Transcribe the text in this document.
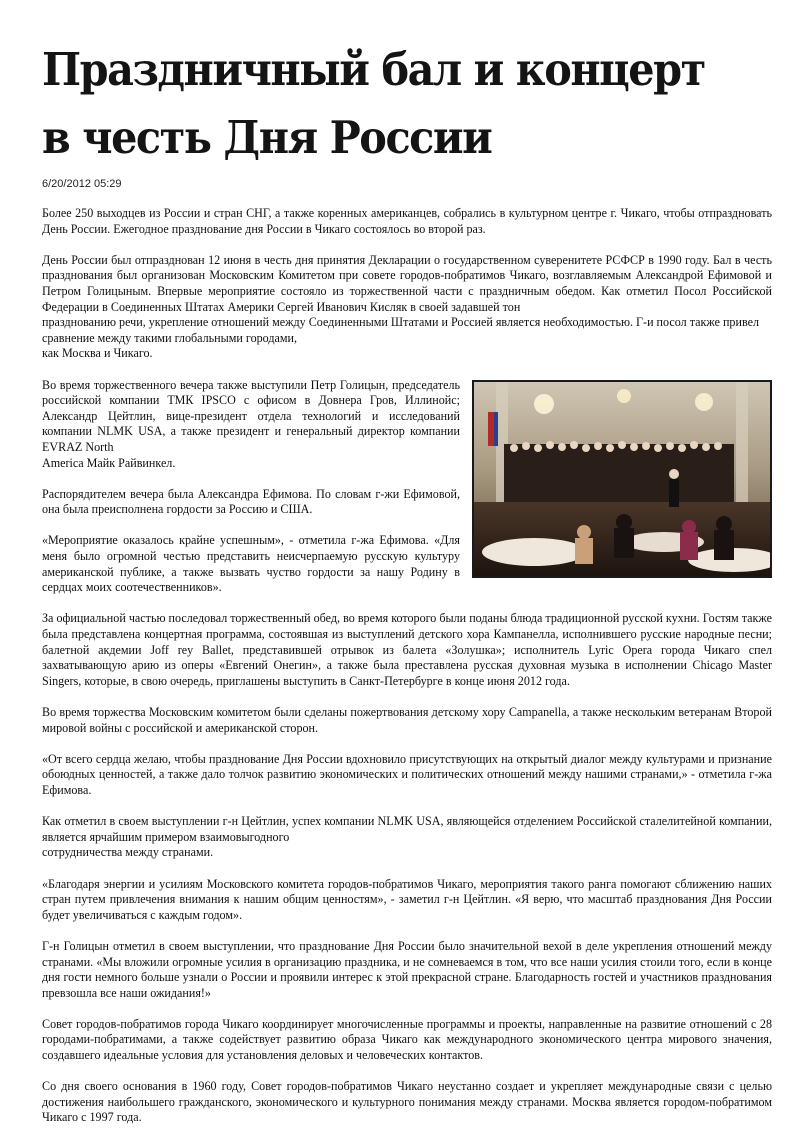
Праздничный бал и концерт в честь Дня России
6/20/2012 05:29

Более 250 выходцев из России и стран СНГ, а также коренных американцев, собрались в культурном центре г. Чикаго, чтобы отпраздновать День России. Ежегодное празднование дня России в Чикаго состоялось во второй раз.

День России был отпразднован 12 июня в честь дня принятия Декларации о государственном суверенитете РСФСР в 1990 году. Бал в честь празднования был организован Московским Комитетом при совете городов-побратимов Чикаго, возглавляемым Александрой Ефимовой и Петром Голицыным. Впервые мероприятие состояло из торжественной части с праздничным обедом. Как отметил Посол Российской Федерации в Соединенных Штатах Америки Сергей Иванович Кисляк в своей задавшей тон
празднованию речи, укрепление отношений между Соединенными Штатами и Россией является необходимостью. Г-и посол также привел сравнение между такими глобальными городами,
как Москва и Чикаго.

Во время торжественного вечера также выступили Петр Голицын, председатель российской компании ТМК IPSCO с офисом в Довнера Гров, Иллинойс; Александр Цейтлин, вице-президент отдела технологий и исследований компании NLMK USA, а также президент и генеральный директор компании EVRAZ North
America Майк Райвинкел.

Распорядителем вечера была Александра Ефимова. По словам г-жи Ефимовой, она была преисполнена гордости за Россию и США.

«Мероприятие оказалось крайне успешным», - отметила г-жа Ефимова. «Для меня было огромной честью представить неисчерпаемую русскую культуру американской публике, а также вызвать чуство гордости за нашу Родину в сердцах моих соотечественников».

За официальной частью последовал торжественный обед, во время которого были поданы блюда традиционной русской кухни. Гостям также была представлена концертная программа, состоявшая из выступлений детского хора Кампанелла, исполнившего русские народные песни; балетной акдемии Joff rey Ballet, представившей отрывок из балета «Золушка»; исполнитель Lyric Opera города Чикаго спел захватывающую арию из оперы «Евгений Онегин», а также была преставлена русская духовная музыка в исполнении Chicago Master Singers, которые, в свою очередь, приглашены выступить в Санкт-Петербурге в конце июня 2012 года.

Во время торжества Московским комитетом были сделаны пожертвования детскому хору Campanella, а также нескольким ветеранам Второй мировой войны с российской и американской сторон.

«От всего сердца желаю, чтобы празднование Дня России вдохновило присутствующих на открытый диалог между культурами и признание обоюдных ценностей, а также дало толчок развитию экономических и политических отношений между нашими странами,» - отметила г-жа Ефимова.

Как отметил в своем выступлении г-н Цейтлин, успех компании NLMK USA, являющейся отделением Российской сталелитейной компании, является ярчайшим примером взаимовыгодного
сотрудничества между странами.

«Благодаря энергии и усилиям Московского комитета городов-побратимов Чикаго, мероприятия такого ранга помогают сближению наших стран путем привлечения внимания к нашим общим ценностям», - заметил г-н Цейтлин. «Я верю, что масштаб празднования Дня России будет увеличиваться с каждым годом».

Г-н Голицын отметил в своем выступлении, что празднование Дня России было значительной вехой в деле укрепления отношений между странами. «Мы вложили огромные усилия в организацию праздника, и не сомневаемся в том, что все наши усилия стоили того, если в конце дня гости немного больше узнали о России и проявили интерес к этой прекрасной стране. Благодарность гостей и участников празднования превзошла все наши ожидания!»

Совет городов-побратимов города Чикаго координирует многочисленные программы и проекты, направленные на развитие отношений с 28 городами-побратимами, а также содействует развитию образа Чикаго как международного экономического центра мирового значения, создавшего идеальные условия для установления деловых и человеческих контактов.

Со дня своего основания в 1960 году, Совет городов-побратимов Чикаго неустанно создает и укрепляет международные связи с целью достижения наибольшего гражданского, экономического и культурного понимания между странами. Москва является городом-побратимом Чикаго с 1997 года.
